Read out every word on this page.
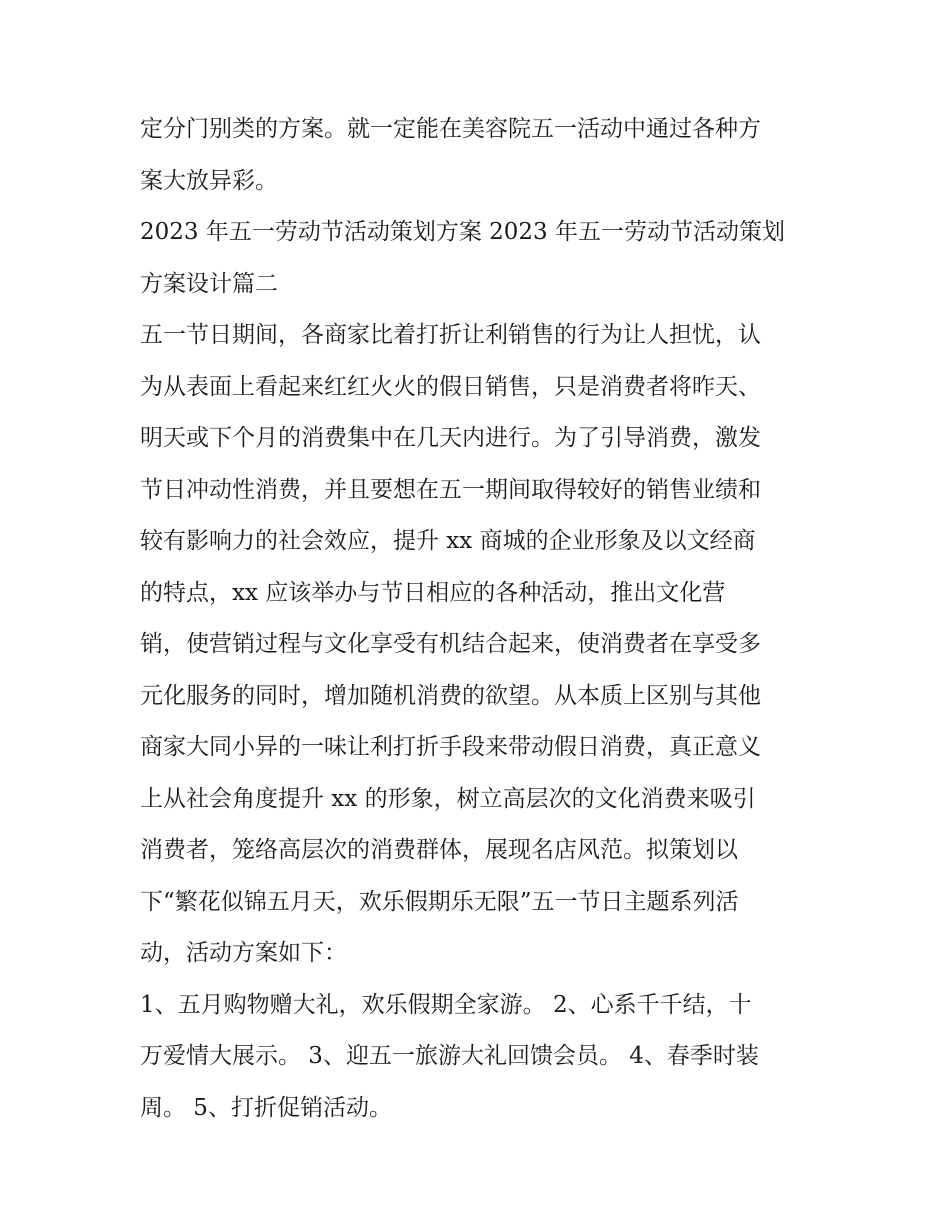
定分门别类的方案。就一定能在美容院五一活动中通过各种方
案大放异彩。

2023 年五一劳动节活动策划方案 2023 年五一劳动节活动策划
方案设计篇二

五一节日期间，各商家比着打折让利销售的行为让人担忧，认
为从表面上看起来红红火火的假日销售，只是消费者将昨天、
明天或下个月的消费集中在几天内进行。为了引导消费，激发
节日冲动性消费，并且要想在五一期间取得较好的销售业绩和
较有影响力的社会效应，提升 xx 商城的企业形象及以文经商
的特点，xx 应该举办与节日相应的各种活动，推出文化营
销，使营销过程与文化享受有机结合起来，使消费者在享受多
元化服务的同时，增加随机消费的欲望。从本质上区别与其他
商家大同小异的一味让利打折手段来带动假日消费，真正意义
上从社会角度提升 xx 的形象，树立高层次的文化消费来吸引
消费者，笼络高层次的消费群体，展现名店风范。拟策划以
下“繁花似锦五月天，欢乐假期乐无限”五一节日主题系列活
动，活动方案如下：

1、五月购物赠大礼，欢乐假期全家游。 2、心系千千结，十
万爱情大展示。 3、迎五一旅游大礼回馈会员。 4、春季时装
周。 5、打折促销活动。
